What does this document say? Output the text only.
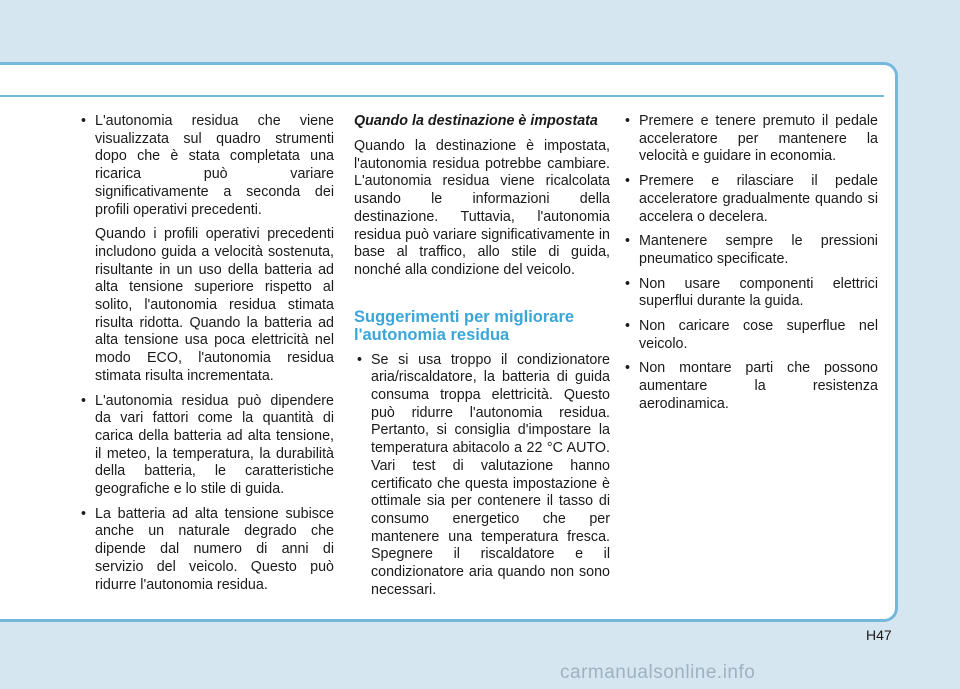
• L'autonomia residua che viene visualizzata sul quadro strumenti dopo che è stata completata una ricarica può variare significativamente a seconda dei profili operativi precedenti.

Quando i profili operativi precedenti includono guida a velocità sostenuta, risultante in un uso della batteria ad alta tensione superiore rispetto al solito, l'autonomia residua stimata risulta ridotta. Quando la batteria ad alta tensione usa poca elettricità nel modo ECO, l'autonomia residua stimata risulta incrementata.

• L'autonomia residua può dipendere da vari fattori come la quantità di carica della batteria ad alta tensione, il meteo, la temperatura, la durabilità della batteria, le caratteristiche geografiche e lo stile di guida.
• La batteria ad alta tensione subisce anche un naturale degrado che dipende dal numero di anni di servizio del veicolo. Questo può ridurre l'autonomia residua.
Quando la destinazione è impostata

Quando la destinazione è impostata, l'autonomia residua potrebbe cambiare. L'autonomia residua viene ricalcolata usando le informazioni della destinazione. Tuttavia, l'autonomia residua può variare significativamente in base al traffico, allo stile di guida, nonché alla condizione del veicolo.

Suggerimenti per migliorare l'autonomia residua
• Se si usa troppo il condizionatore aria/riscaldatore, la batteria di guida consuma troppa elettricità. Questo può ridurre l'autonomia residua. Pertanto, si consiglia d'impostare la temperatura abitacolo a 22 °C AUTO. Vari test di valutazione hanno certificato che questa impostazione è ottimale sia per contenere il tasso di consumo energetico che per mantenere una temperatura fresca. Spegnere il riscaldatore e il condizionatore aria quando non sono necessari.
• Premere e tenere premuto il pedale acceleratore per mantenere la velocità e guidare in economia.
• Premere e rilasciare il pedale acceleratore gradualmente quando si accelera o decelera.
• Mantenere sempre le pressioni pneumatico specificate.
• Non usare componenti elettrici superflui durante la guida.
• Non caricare cose superflue nel veicolo.
• Non montare parti che possono aumentare la resistenza aerodinamica.
H47
carmanualsonline.info
